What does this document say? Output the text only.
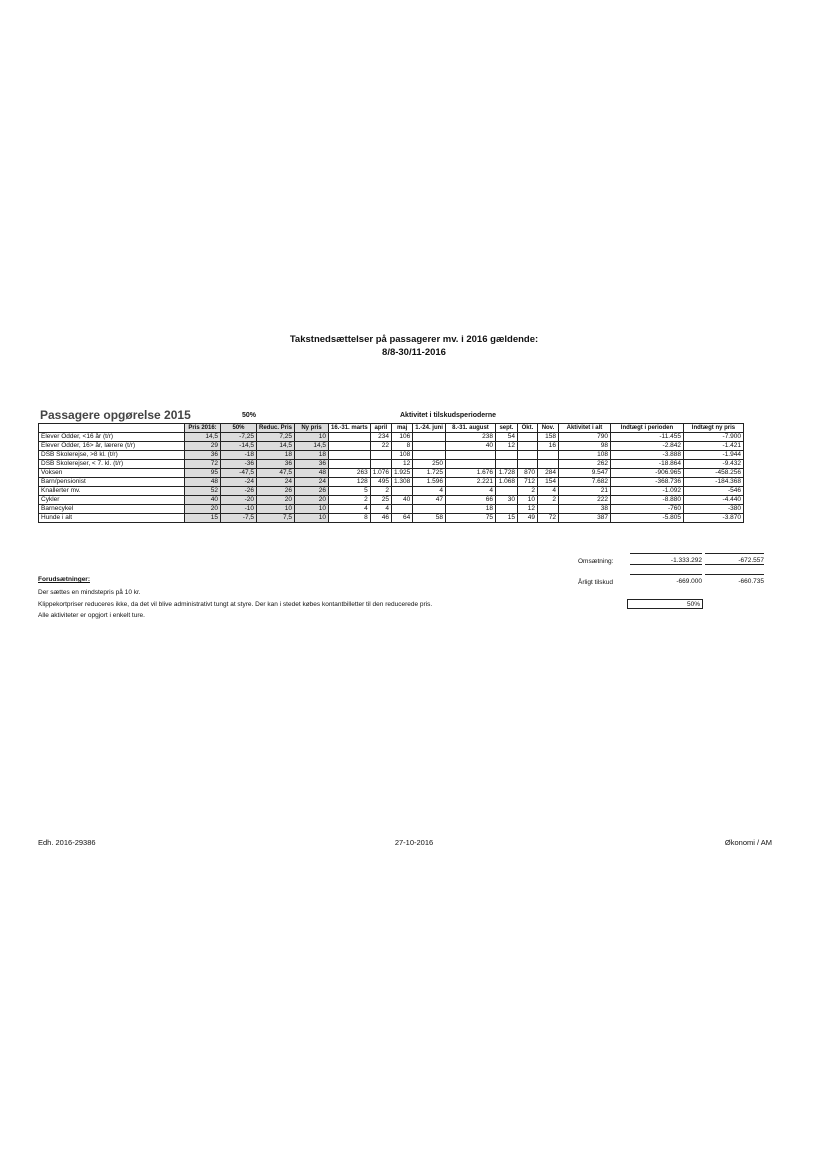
Takstnedsættelser på passagerer mv. i 2016 gældende:
8/8-30/11-2016
Passagere opgørelse 2015	50%	Aktivitet i tilskudsperioderne
	Pris 2016:	50%	Reduc. Pris	Ny pris	16.-31. marts	april	maj	1.-24. juni	8.-31. august	sept.	Okt.	Nov.	Aktivitet i alt	Indtægt i perioden	Indtægt ny pris
Elever Odder, <16 år (t/r)	14,5	-7,25	7,25	10		234	106		238	54		158	790	-11.455	-7.900
Elever Odder, 16> år, lærere (t/r)	29	-14,5	14,5	14,5		22	8		40	12		16	98	-2.842	-1.421
DSB Skolerejse, >8 kl. (t/r)	36	-18	18	18			108						108	-3.888	-1.944
DSB Skolerejser, < 7. kl. (t/r)	72	-36	36	36			12	250					262	-18.864	-9.432
Voksen	95	-47,5	47,5	48	263	1.076	1.925	1.725	1.676	1.728	870	284	9.547	-906.965	-458.256
Barn/pensionist	48	-24	24	24	128	495	1.308	1.596	2.221	1.068	712	154	7.682	-368.736	-184.368
Knallerter mv.	52	-26	26	26	5	2		4	4		2	4	21	-1.092	-546
Cykler	40	-20	20	20	2	25	40	47	66	30	10	2	222	-8.880	-4.440
Barnecykel	20	-10	10	10	4	4			18		12		38	-760	-380
Hunde i alt	15	-7,5	7,5	10	8	46	64	58	75	15	49	72	387	-5.805	-3.870
Omsætning:	-1.333.292	-672.557
Årligt tilskud	-669.000	-660.735
50%
Forudsætninger:
Der sættes en mindstepris på 10 kr.
Klippekortpriser reduceres ikke, da det vil blive administrativt tungt at styre. Der kan i stedet købes kontantbilletter til den reducerede pris.
Alle aktiviteter er opgjort i enkelt ture.
Edh. 2016-29386	27-10-2016	Økonomi / AM
